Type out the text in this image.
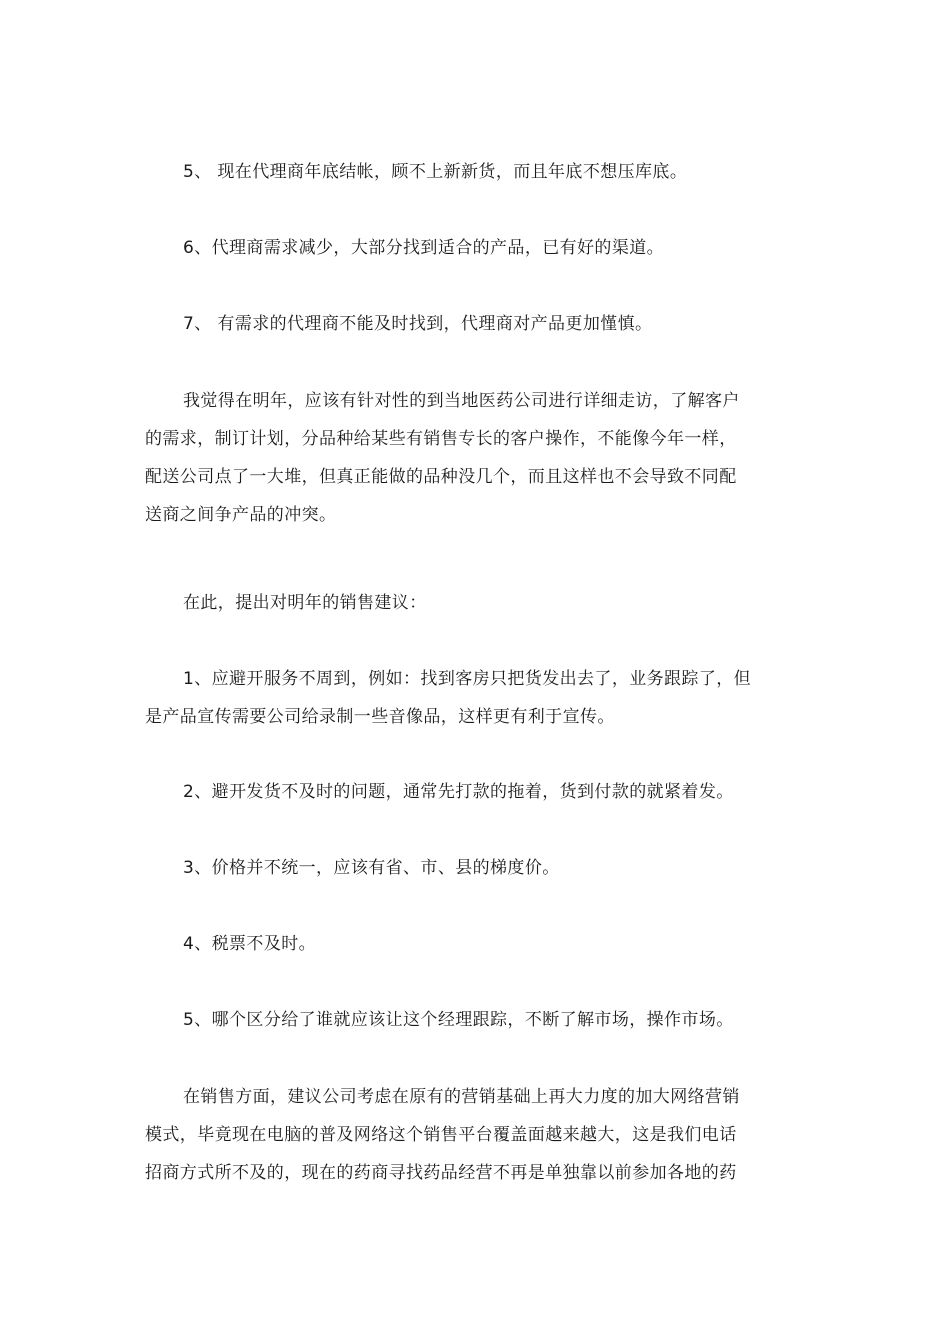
5、 现在代理商年底结帐，顾不上新新货，而且年底不想压库底。

6、代理商需求减少，大部分找到适合的产品，已有好的渠道。

7、 有需求的代理商不能及时找到，代理商对产品更加慬慎。

我觉得在明年，应该有针对性的到当地医药公司进行详细走访，了解客户
的需求，制订计划，分品种给某些有销售专长的客户操作，不能像今年一样，
配送公司点了一大堆，但真正能做的品种没几个，而且这样也不会导致不同配
送商之间争产品的冲突。

在此，提出对明年的销售建议：

1、应避开服务不周到，例如：找到客房只把货发出去了，业务跟踪了，但
是产品宣传需要公司给录制一些音像品，这样更有利于宣传。

2、避开发货不及时的问题，通常先打款的拖着，货到付款的就紧着发。

3、价格并不统一，应该有省、市、县的梯度价。

4、税票不及时。

5、哪个区分给了谁就应该让这个经理跟踪，不断了解市场，操作市场。

在销售方面，建议公司考虑在原有的营销基础上再大力度的加大网络营销
模式，毕竟现在电脑的普及网络这个销售平台覆盖面越来越大，这是我们电话
招商方式所不及的，现在的药商寻找药品经营不再是单独靠以前参加各地的药
